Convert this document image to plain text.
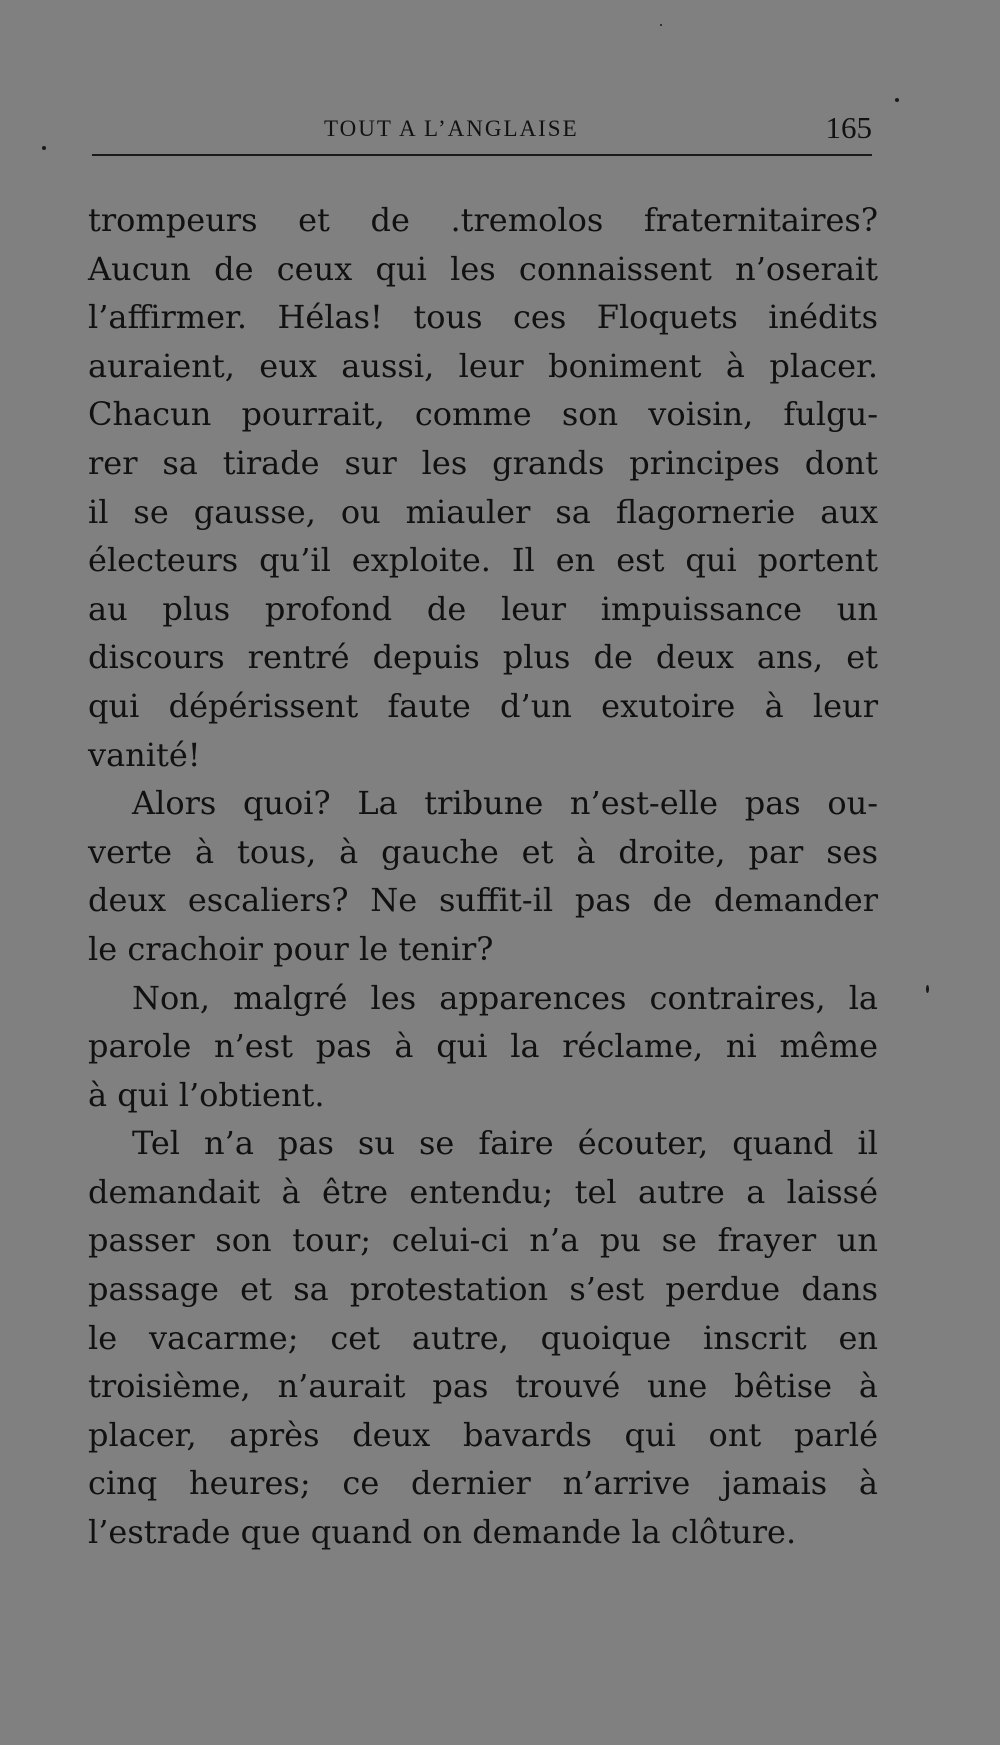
TOUT A L’ANGLAISE	165
trompeurs et de .tremolos fraternitaires?
Aucun de ceux qui les connaissent n’oserait
l’affirmer. Hélas! tous ces Floquets inédits
auraient, eux aussi, leur boniment à placer.
Chacun pourrait, comme son voisin, fulgu-
rer sa tirade sur les grands principes dont
il se gausse, ou miauler sa flagornerie aux
électeurs qu’il exploite. Il en est qui portent
au plus profond de leur impuissance un
discours rentré depuis plus de deux ans, et
qui dépérissent faute d’un exutoire à leur
vanité!
Alors quoi? La tribune n’est-elle pas ou-
verte à tous, à gauche et à droite, par ses
deux escaliers? Ne suffit-il pas de demander
le crachoir pour le tenir?
Non, malgré les apparences contraires, la
parole n’est pas à qui la réclame, ni même
à qui l’obtient.
Tel n’a pas su se faire écouter, quand il
demandait à être entendu; tel autre a laissé
passer son tour; celui-ci n’a pu se frayer un
passage et sa protestation s’est perdue dans
le vacarme; cet autre, quoique inscrit en
troisième, n’aurait pas trouvé une bêtise à
placer, après deux bavards qui ont parlé
cinq heures; ce dernier n’arrive jamais à
l’estrade que quand on demande la clôture.
